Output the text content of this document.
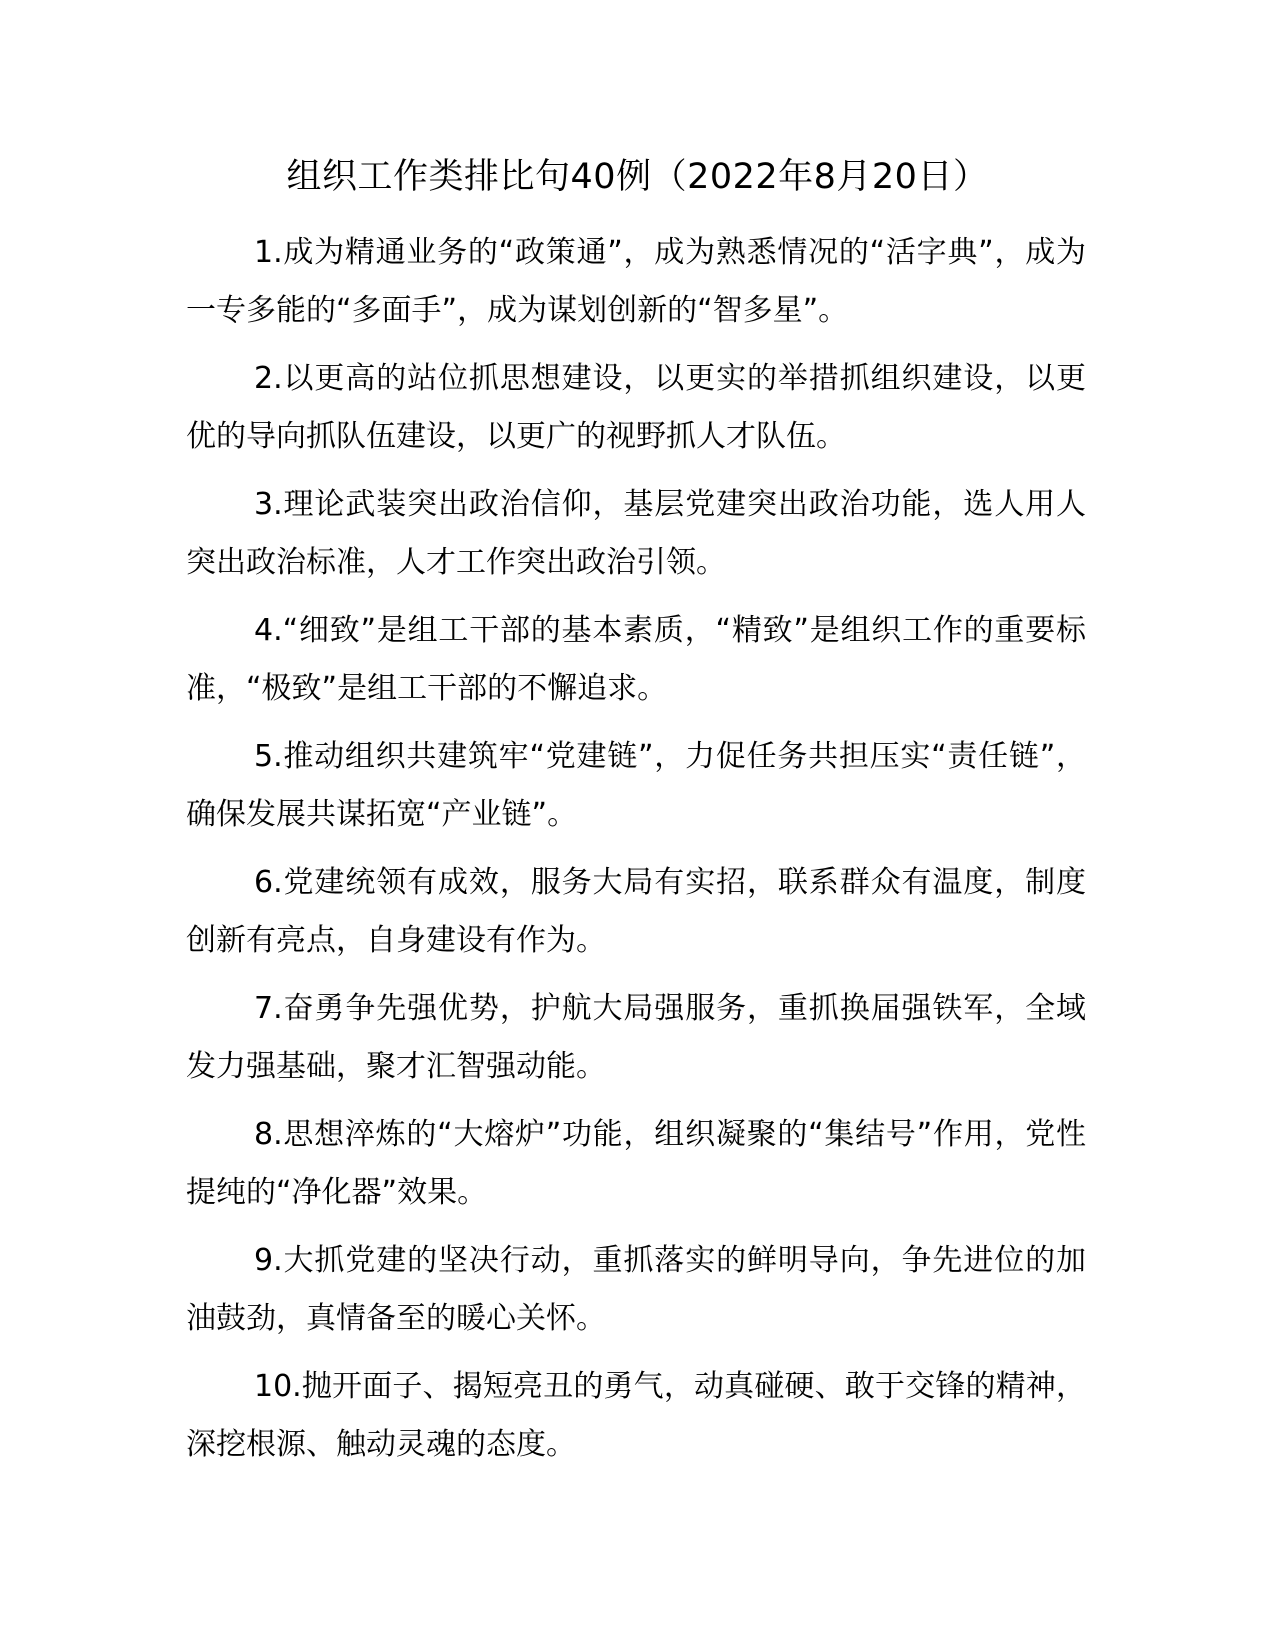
组织工作类排比句40例（2022年8月20日）

1.成为精通业务的“政策通”，成为熟悉情况的“活字典”，成为一专多能的“多面手”，成为谋划创新的“智多星”。

2.以更高的站位抓思想建设，以更实的举措抓组织建设，以更优的导向抓队伍建设，以更广的视野抓人才队伍。

3.理论武装突出政治信仰，基层党建突出政治功能，选人用人突出政治标准，人才工作突出政治引领。

4.“细致”是组工干部的基本素质，“精致”是组织工作的重要标准，“极致”是组工干部的不懈追求。

5.推动组织共建筑牢“党建链”，力促任务共担压实“责任链”，确保发展共谋拓宽“产业链”。

6.党建统领有成效，服务大局有实招，联系群众有温度，制度创新有亮点，自身建设有作为。

7.奋勇争先强优势，护航大局强服务，重抓换届强铁军，全域发力强基础，聚才汇智强动能。

8.思想淬炼的“大熔炉”功能，组织凝聚的“集结号”作用，党性提纯的“净化器”效果。

9.大抓党建的坚决行动，重抓落实的鲜明导向，争先进位的加油鼓劲，真情备至的暖心关怀。

10.抛开面子、揭短亮丑的勇气，动真碰硬、敢于交锋的精神，深挖根源、触动灵魂的态度。
